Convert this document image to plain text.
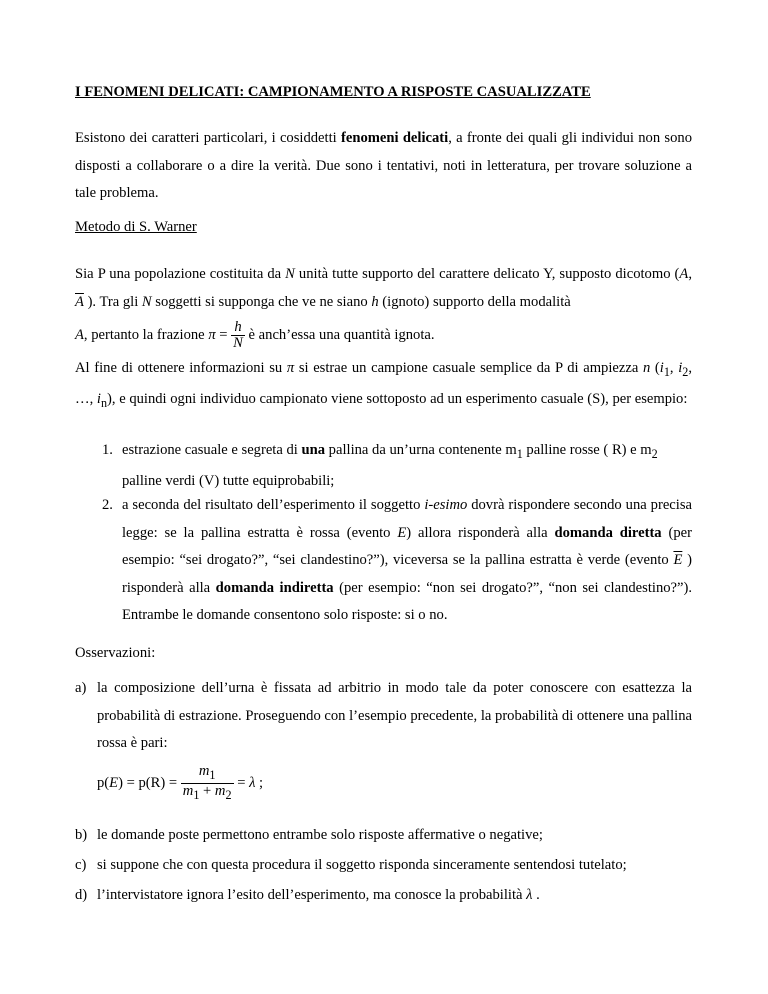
I FENOMENI DELICATI: CAMPIONAMENTO A RISPOSTE CASUALIZZATE
Esistono dei caratteri particolari, i cosiddetti fenomeni delicati, a fronte dei quali gli individui non sono disposti a collaborare o a dire la verità. Due sono i tentativi, noti in letteratura, per trovare soluzione a tale problema.
Metodo di S. Warner
Sia P una popolazione costituita da N unità tutte supporto del carattere delicato Y, supposto dicotomo (A, $\overline{A}$ ). Tra gli N soggetti si supponga che ve ne siano h (ignoto) supporto della modalità
A, pertanto la frazione $\pi = \frac{h}{N}$ è anch’essa una quantità ignota.
Al fine di ottenere informazioni su π si estrae un campione casuale semplice da P di ampiezza n ($i_1$, $i_2$, …, $i_n$), e quindi ogni individuo campionato viene sottoposto ad un esperimento casuale (S), per esempio:
1. estrazione casuale e segreta di una pallina da un’urna contenente $m_1$ palline rosse ( R) e $m_2$
palline verdi (V) tutte equiprobabili;
2. a seconda del risultato dell’esperimento il soggetto i-esimo dovrà rispondere secondo una precisa legge: se la pallina estratta è rossa (evento E) allora risponderà alla domanda diretta (per esempio: “sei drogato?”, “sei clandestino?”), viceversa se la pallina estratta è verde (evento $\overline{E}$ ) risponderà alla domanda indiretta (per esempio: “non sei drogato?”, “non sei clandestino?”). Entrambe le domande consentono solo risposte: si o no.
Osservazioni:
a) la composizione dell’urna è fissata ad arbitrio in modo tale da poter conoscere con esattezza la probabilità di estrazione. Proseguendo con l’esempio precedente, la probabilità di ottenere una pallina rossa è pari:
$p(E) = p(R) = \frac{m_1}{m_1 + m_2} = \lambda$ ;
b) le domande poste permettono entrambe solo risposte affermative o negative;
c) si suppone che con questa procedura il soggetto risponda sinceramente sentendosi tutelato;
d) l’intervistatore ignora l’esito dell’esperimento, ma conosce la probabilità λ .
